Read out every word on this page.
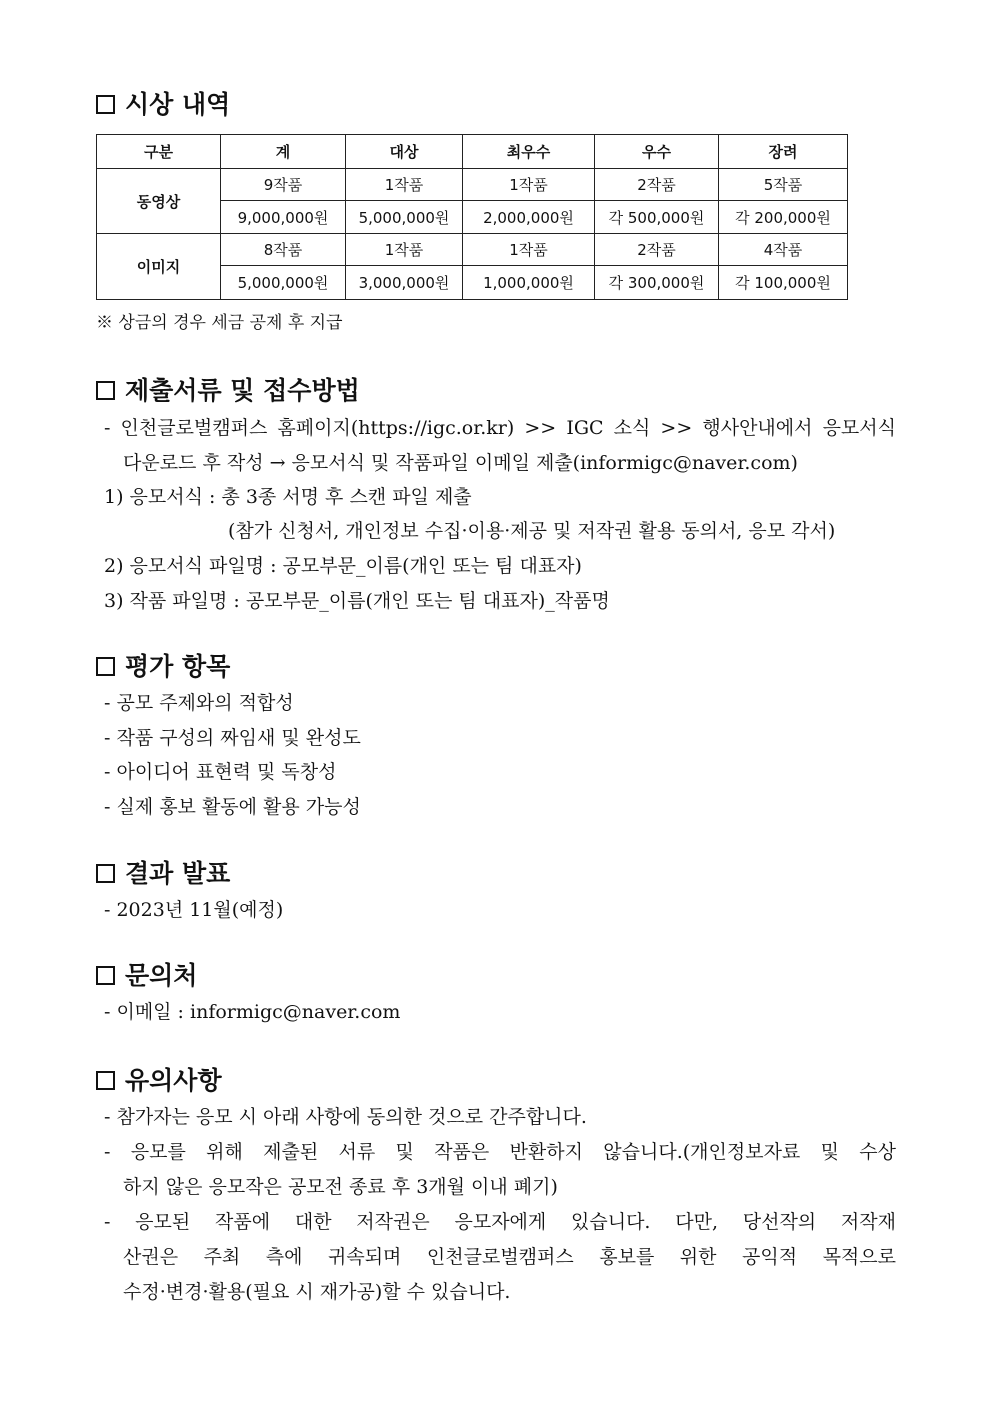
시상 내역
구분	계	대상	최우수	우수	장려
동영상	9작품	1작품	1작품	2작품	5작품
	9,000,000원	5,000,000원	2,000,000원	각 500,000원	각 200,000원
이미지	8작품	1작품	1작품	2작품	4작품
	5,000,000원	3,000,000원	1,000,000원	각 300,000원	각 100,000원
※ 상금의 경우 세금 공제 후 지급
제출서류 및 접수방법
- 인천글로벌캠퍼스 홈페이지(https://igc.or.kr) >> IGC 소식 >> 행사안내에서 응모서식
다운로드 후 작성 → 응모서식 및 작품파일 이메일 제출(informigc@naver.com)
1) 응모서식 : 총 3종 서명 후 스캔 파일 제출
(참가 신청서, 개인정보 수집·이용·제공 및 저작권 활용 동의서, 응모 각서)
2) 응모서식 파일명 : 공모부문_이름(개인 또는 팀 대표자)
3) 작품 파일명 : 공모부문_이름(개인 또는 팀 대표자)_작품명
평가 항목
- 공모 주제와의 적합성
- 작품 구성의 짜임새 및 완성도
- 아이디어 표현력 및 독창성
- 실제 홍보 활동에 활용 가능성
결과 발표
- 2023년 11월(예정)
문의처
- 이메일 : informigc@naver.com
유의사항
- 참가자는 응모 시 아래 사항에 동의한 것으로 간주합니다.
- 응모를 위해 제출된 서류 및 작품은 반환하지 않습니다.(개인정보자료 및 수상
하지 않은 응모작은 공모전 종료 후 3개월 이내 폐기)
- 응모된 작품에 대한 저작권은 응모자에게 있습니다. 다만, 당선작의 저작재
산권은 주최 측에 귀속되며 인천글로벌캠퍼스 홍보를 위한 공익적 목적으로
수정·변경·활용(필요 시 재가공)할 수 있습니다.
